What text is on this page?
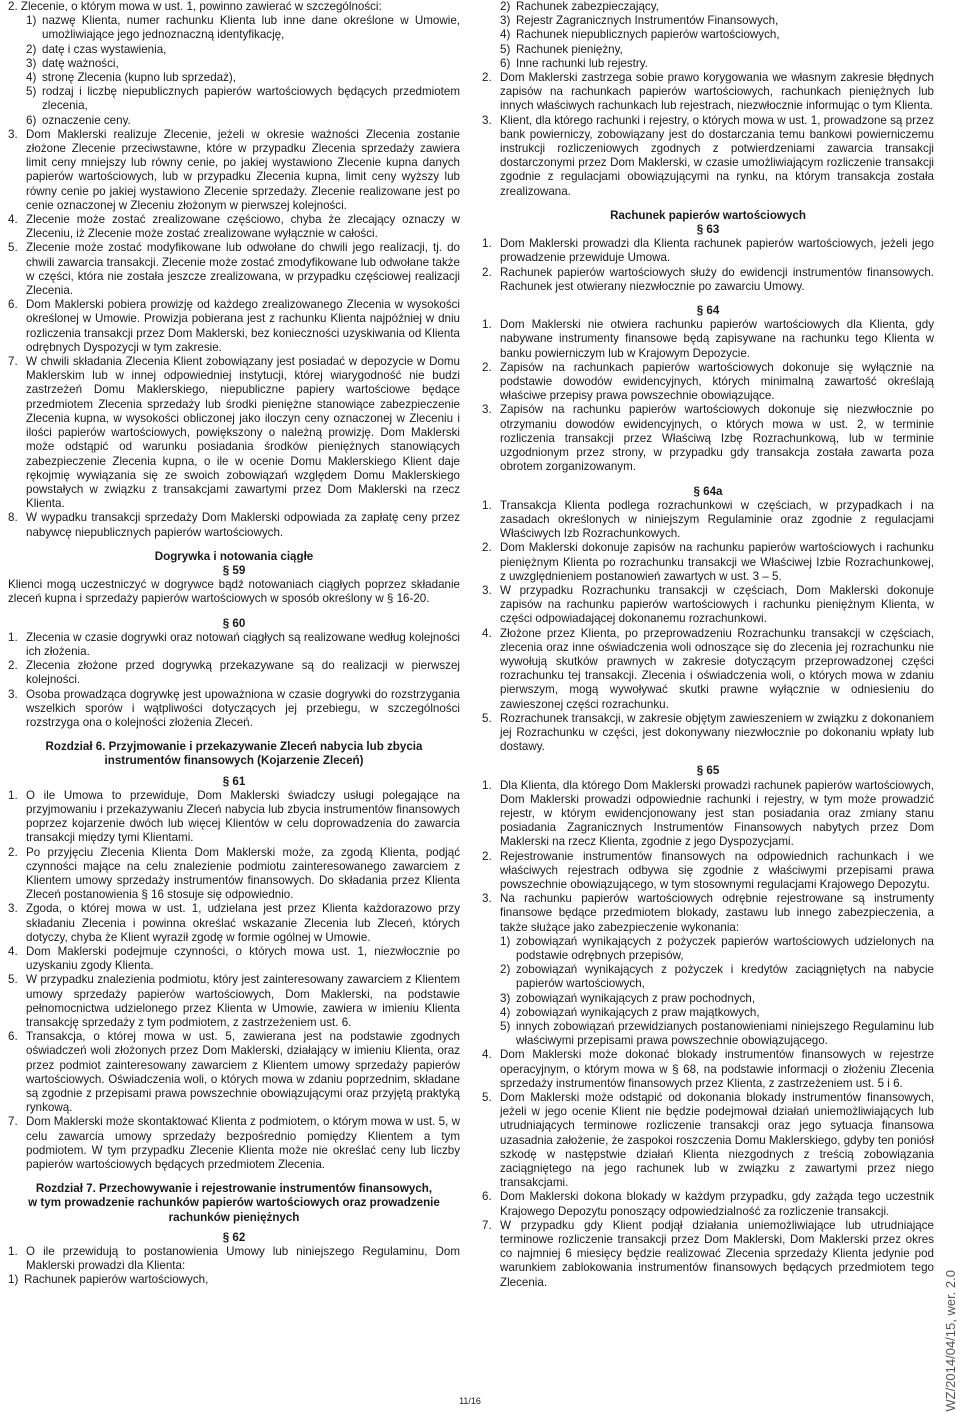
2. Zlecenie, o którym mowa w ust. 1, powinno zawierać w szczególności:

1) nazwę Klienta, numer rachunku Klienta lub inne dane określone w Umowie, umożliwiające jego jednoznaczną identyfikację,
2) datę i czas wystawienia,
3) datę ważności,
4) stronę Zlecenia (kupno lub sprzedaż),
5) rodzaj i liczbę niepublicznych papierów wartościowych będących przedmiotem zlecenia,
6) oznaczenie ceny.
3. Dom Maklerski realizuje Zlecenie, jeżeli w okresie ważności Zlecenia zostanie złożone Zlecenie przeciwstawne, które w przypadku Zlecenia sprzedaży zawiera limit ceny mniejszy lub równy cenie, po jakiej wystawiono Zlecenie kupna danych papierów wartościowych, lub w przypadku Zlecenia kupna, limit ceny wyższy lub równy cenie po jakiej wystawiono Zlecenie sprzedaży. Zlecenie realizowane jest po cenie oznaczonej w Zleceniu złożonym w pierwszej kolejności.
4. Zlecenie może zostać zrealizowane częściowo, chyba że zlecający oznaczy w Zleceniu, iż Zlecenie może zostać zrealizowane wyłącznie w całości.
5. Zlecenie może zostać modyfikowane lub odwołane do chwili jego realizacji, tj. do chwili zawarcia transakcji. Zlecenie może zostać zmodyfikowane lub odwołane także w części, która nie została jeszcze zrealizowana, w przypadku częściowej realizacji Zlecenia.
6. Dom Maklerski pobiera prowizję od każdego zrealizowanego Zlecenia w wysokości określonej w Umowie. Prowizja pobierana jest z rachunku Klienta najpóźniej w dniu rozliczenia transakcji przez Dom Maklerski, bez konieczności uzyskiwania od Klienta odrębnych Dyspozycji w tym zakresie.
7. W chwili składania Zlecenia Klient zobowiązany jest posiadać w depozycie w Domu Maklerskim lub w innej odpowiedniej instytucji, której wiarygodność nie budzi zastrzeżeń Domu Maklerskiego, niepubliczne papiery wartościowe będące przedmiotem Zlecenia sprzedaży lub środki pieniężne stanowiące zabezpieczenie Zlecenia kupna, w wysokości obliczonej jako iloczyn ceny oznaczonej w Zleceniu i ilości papierów wartościowych, powiększony o należną prowizję. Dom Maklerski może odstąpić od warunku posiadania środków pieniężnych stanowiących zabezpieczenie Zlecenia kupna, o ile w ocenie Domu Maklerskiego Klient daje rękojmię wywiązania się ze swoich zobowiązań względem Domu Maklerskiego powstałych w związku z transakcjami zawartymi przez Dom Maklerski na rzecz Klienta.
8. W wypadku transakcji sprzedaży Dom Maklerski odpowiada za zapłatę ceny przez nabywcę niepublicznych papierów wartościowych.

Dogrywka i notowania ciągłe

§ 59

Klienci mogą uczestniczyć w dogrywce bądź notowaniach ciągłych poprzez składanie zleceń kupna i sprzedaży papierów wartościowych w sposób określony w § 16-20.

§ 60

1. Zlecenia w czasie dogrywki oraz notowań ciągłych są realizowane według kolejności ich złożenia.
2. Zlecenia złożone przed dogrywką przekazywane są do realizacji w pierwszej kolejności.
3. Osoba prowadząca dogrywkę jest upoważniona w czasie dogrywki do rozstrzygania wszelkich sporów i wątpliwości dotyczących jej przebiegu, w szczególności rozstrzyga ona o kolejności złożenia Zleceń.

Rozdział 6. Przyjmowanie i przekazywanie Zleceń nabycia lub zbycia

instrumentów finansowych (Kojarzenie Zleceń)

§ 61

1. O ile Umowa to przewiduje, Dom Maklerski świadczy usługi polegające na przyjmowaniu i przekazywaniu Zleceń nabycia lub zbycia instrumentów finansowych poprzez kojarzenie dwóch lub więcej Klientów w celu doprowadzenia do zawarcia transakcji między tymi Klientami.
2. Po przyjęciu Zlecenia Klienta Dom Maklerski może, za zgodą Klienta, podjąć czynności mające na celu znalezienie podmiotu zainteresowanego zawarciem z Klientem umowy sprzedaży instrumentów finansowych. Do składania przez Klienta Zleceń postanowienia § 16 stosuje się odpowiednio.
3. Zgoda, o której mowa w ust. 1, udzielana jest przez Klienta każdorazowo przy składaniu Zlecenia i powinna określać wskazanie Zlecenia lub Zleceń, których dotyczy, chyba że Klient wyraził zgodę w formie ogólnej w Umowie.
4. Dom Maklerski podejmuje czynności, o których mowa ust. 1, niezwłocznie po uzyskaniu zgody Klienta.
5. W przypadku znalezienia podmiotu, który jest zainteresowany zawarciem z Klientem umowy sprzedaży papierów wartościowych, Dom Maklerski, na podstawie pełnomocnictwa udzielonego przez Klienta w Umowie, zawiera w imieniu Klienta transakcję sprzedaży z tym podmiotem, z zastrzeżeniem ust. 6.
6. Transakcja, o której mowa w ust. 5, zawierana jest na podstawie zgodnych oświadczeń woli złożonych przez Dom Maklerski, działający w imieniu Klienta, oraz przez podmiot zainteresowany zawarciem z Klientem umowy sprzedaży papierów wartościowych. Oświadczenia woli, o których mowa w zdaniu poprzednim, składane są zgodnie z przepisami prawa powszechnie obowiązującymi oraz przyjętą praktyką rynkową.
7. Dom Maklerski może skontaktować Klienta z podmiotem, o którym mowa w ust. 5, w celu zawarcia umowy sprzedaży bezpośrednio pomiędzy Klientem a tym podmiotem. W tym przypadku Zlecenie Klienta może nie określać ceny lub liczby papierów wartościowych będących przedmiotem Zlecenia.

Rozdział 7. Przechowywanie i rejestrowanie instrumentów finansowych,

w tym prowadzenie rachunków papierów wartościowych oraz prowadzenie

rachunków pieniężnych

§ 62

1. O ile przewidują to postanowienia Umowy lub niniejszego Regulaminu, Dom Maklerski prowadzi dla Klienta:
1) Rachunek papierów wartościowych,
2) Rachunek zabezpieczający,
3) Rejestr Zagranicznych Instrumentów Finansowych,
4) Rachunek niepublicznych papierów wartościowych,
5) Rachunek pieniężny,
6) Inne rachunki lub rejestry.
2. Dom Maklerski zastrzega sobie prawo korygowania we własnym zakresie błędnych zapisów na rachunkach papierów wartościowych, rachunkach pieniężnych lub innych właściwych rachunkach lub rejestrach, niezwłocznie informując o tym Klienta.
3. Klient, dla którego rachunki i rejestry, o których mowa w ust. 1, prowadzone są przez bank powierniczy, zobowiązany jest do dostarczania temu bankowi powierniczemu instrukcji rozliczeniowych zgodnych z potwierdzeniami zawarcia transakcji dostarczonymi przez Dom Maklerski, w czasie umożliwiającym rozliczenie transakcji zgodnie z regulacjami obowiązującymi na rynku, na którym transakcja została zrealizowana.

Rachunek papierów wartościowych

§ 63

1. Dom Maklerski prowadzi dla Klienta rachunek papierów wartościowych, jeżeli jego prowadzenie przewiduje Umowa.
2. Rachunek papierów wartościowych służy do ewidencji instrumentów finansowych. Rachunek jest otwierany niezwłocznie po zawarciu Umowy.

§ 64

1. Dom Maklerski nie otwiera rachunku papierów wartościowych dla Klienta, gdy nabywane instrumenty finansowe będą zapisywane na rachunku tego Klienta w banku powierniczym lub w Krajowym Depozycie.
2. Zapisów na rachunkach papierów wartościowych dokonuje się wyłącznie na podstawie dowodów ewidencyjnych, których minimalną zawartość określają właściwe przepisy prawa powszechnie obowiązujące.
3. Zapisów na rachunku papierów wartościowych dokonuje się niezwłocznie po otrzymaniu dowodów ewidencyjnych, o których mowa w ust. 2, w terminie rozliczenia transakcji przez Właściwą Izbę Rozrachunkową, lub w terminie uzgodnionym przez strony, w przypadku gdy transakcja została zawarta poza obrotem zorganizowanym.

§ 64a

1. Transakcja Klienta podlega rozrachunkowi w częściach, w przypadkach i na zasadach określonych w niniejszym Regulaminie oraz zgodnie z regulacjami Właściwych Izb Rozrachunkowych.
2. Dom Maklerski dokonuje zapisów na rachunku papierów wartościowych i rachunku pieniężnym Klienta po rozrachunku transakcji we Właściwej Izbie Rozrachunkowej, z uwzględnieniem postanowień zawartych w ust. 3 – 5.
3. W przypadku Rozrachunku transakcji w częściach, Dom Maklerski dokonuje zapisów na rachunku papierów wartościowych i rachunku pieniężnym Klienta, w części odpowiadającej dokonanemu rozrachunkowi.
4. Złożone przez Klienta, po przeprowadzeniu Rozrachunku transakcji w częściach, zlecenia oraz inne oświadczenia woli odnoszące się do zlecenia jej rozrachunku nie wywołują skutków prawnych w zakresie dotyczącym przeprowadzonej części rozrachunku tej transakcji. Zlecenia i oświadczenia woli, o których mowa w zdaniu pierwszym, mogą wywoływać skutki prawne wyłącznie w odniesieniu do zawieszonej części rozrachunku.
5. Rozrachunek transakcji, w zakresie objętym zawieszeniem w związku z dokonaniem jej Rozrachunku w części, jest dokonywany niezwłocznie po dokonaniu wpłaty lub dostawy.

§ 65

1. Dla Klienta, dla którego Dom Maklerski prowadzi rachunek papierów wartościowych, Dom Maklerski prowadzi odpowiednie rachunki i rejestry, w tym może prowadzić rejestr, w którym ewidencjonowany jest stan posiadania oraz zmiany stanu posiadania Zagranicznych Instrumentów Finansowych nabytych przez Dom Maklerski na rzecz Klienta, zgodnie z jego Dyspozycjami.
2. Rejestrowanie instrumentów finansowych na odpowiednich rachunkach i we właściwych rejestrach odbywa się zgodnie z właściwymi przepisami prawa powszechnie obowiązującego, w tym stosownymi regulacjami Krajowego Depozytu.
3. Na rachunku papierów wartościowych odrębnie rejestrowane są instrumenty finansowe będące przedmiotem blokady, zastawu lub innego zabezpieczenia, a także służące jako zabezpieczenie wykonania:
1) zobowiązań wynikających z pożyczek papierów wartościowych udzielonych na podstawie odrębnych przepisów,
2) zobowiązań wynikających z pożyczek i kredytów zaciągniętych na nabycie papierów wartościowych,
3) zobowiązań wynikających z praw pochodnych,
4) zobowiązań wynikających z praw majątkowych,
5) innych zobowiązań przewidzianych postanowieniami niniejszego Regulaminu lub właściwymi przepisami prawa powszechnie obowiązującego.
4. Dom Maklerski może dokonać blokady instrumentów finansowych w rejestrze operacyjnym, o którym mowa w § 68, na podstawie informacji o złożeniu Zlecenia sprzedaży instrumentów finansowych przez Klienta, z zastrzeżeniem ust. 5 i 6.
5. Dom Maklerski może odstąpić od dokonania blokady instrumentów finansowych, jeżeli w jego ocenie Klient nie będzie podejmował działań uniemożliwiających lub utrudniających terminowe rozliczenie transakcji oraz jego sytuacja finansowa uzasadnia założenie, że zaspokoi roszczenia Domu Maklerskiego, gdyby ten poniósł szkodę w następstwie działań Klienta niezgodnych z treścią zobowiązania zaciągniętego na jego rachunek lub w związku z zawartymi przez niego transakcjami.
6. Dom Maklerski dokona blokady w każdym przypadku, gdy zażąda tego uczestnik Krajowego Depozytu ponoszący odpowiedzialność za rozliczenie transakcji.
7. W przypadku gdy Klient podjął działania uniemożliwiające lub utrudniające terminowe rozliczenie transakcji przez Dom Maklerski, Dom Maklerski przez okres co najmniej 6 miesięcy będzie realizować Zlecenia sprzedaży Klienta jedynie pod warunkiem zablokowania instrumentów finansowych będących przedmiotem tego Zlecenia.
11/16	WZ/2014/04/15, wer. 2.0
